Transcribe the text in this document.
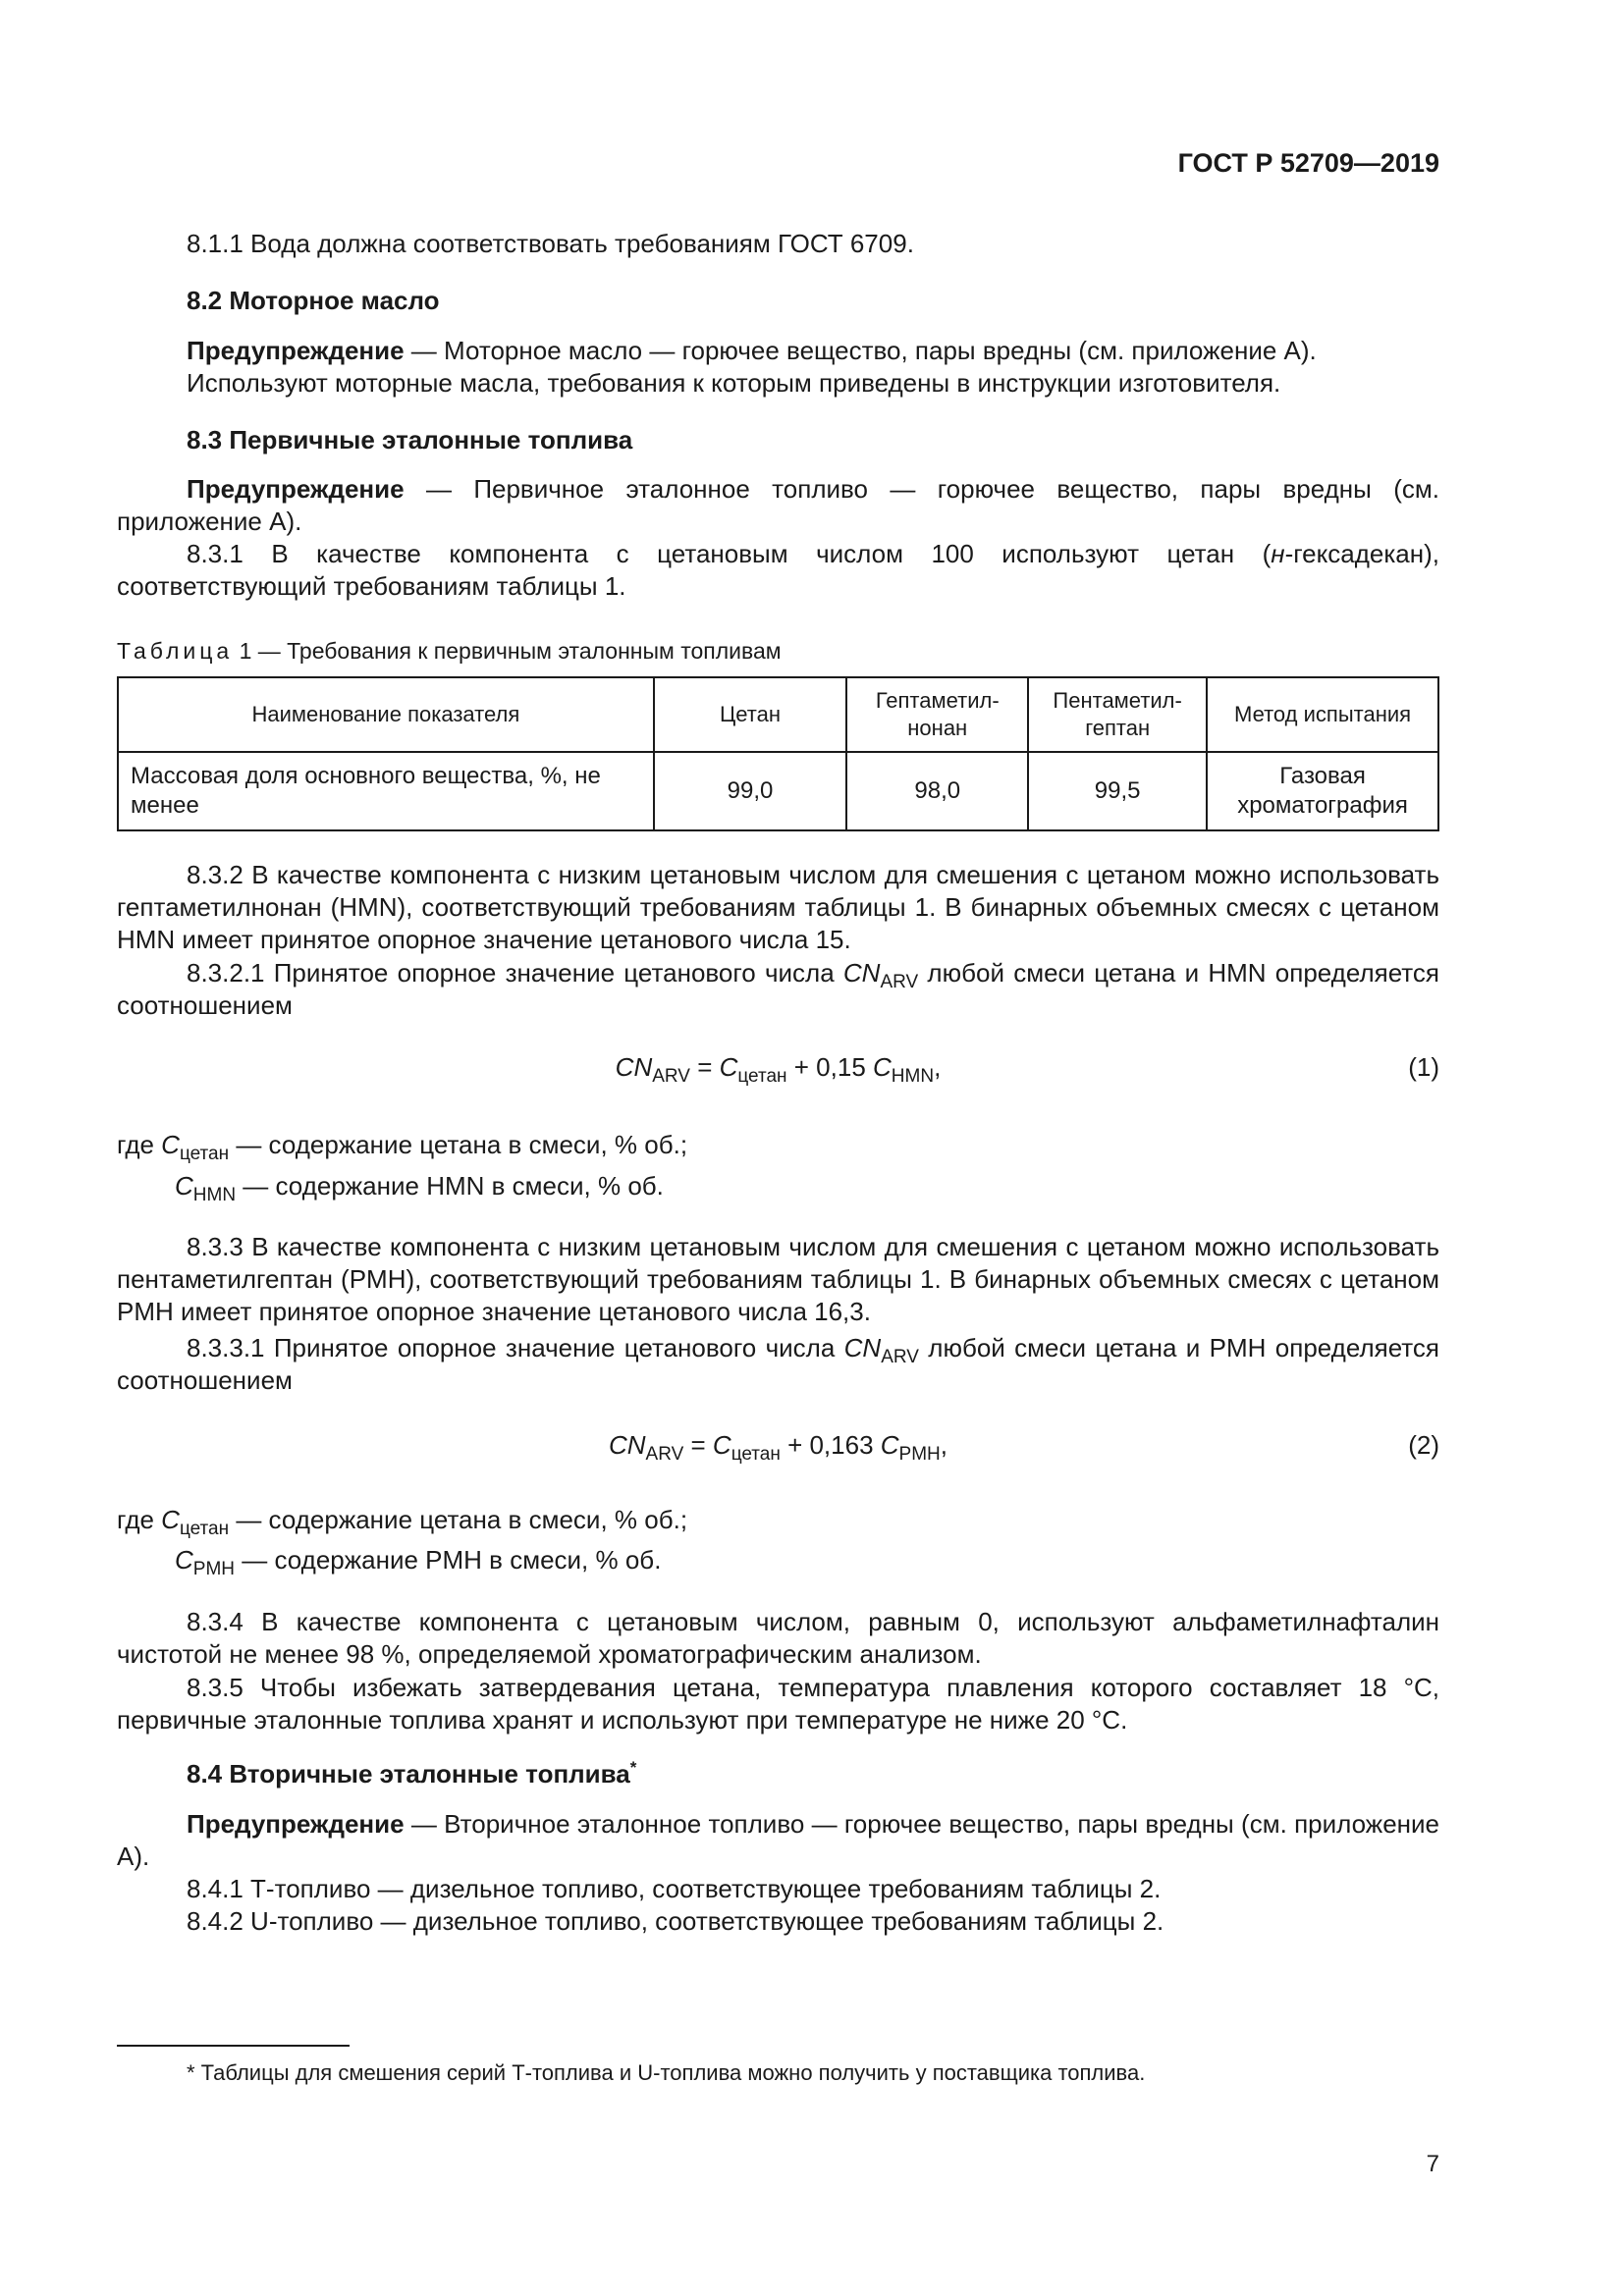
ГОСТ Р 52709—2019
8.1.1 Вода должна соответствовать требованиям ГОСТ 6709.
8.2 Моторное масло
Предупреждение — Моторное масло — горючее вещество, пары вредны (см. приложение А).
Используют моторные масла, требования к которым приведены в инструкции изготовителя.
8.3 Первичные эталонные топлива
Предупреждение — Первичное эталонное топливо — горючее вещество, пары вредны (см. приложение А).
8.3.1 В качестве компонента с цетановым числом 100 используют цетан (н-гексадекан), соответствующий требованиям таблицы 1.
Таблица 1 — Требования к первичным эталонным топливам
Наименование показателя	Цетан	Гептаметил-нонан	Пентаметил-гептан	Метод испытания
Массовая доля основного вещества, %, не менее	99,0	98,0	99,5	Газовая хроматография
8.3.2 В качестве компонента с низким цетановым числом для смешения с цетаном можно использовать гептаметилнонан (HMN), соответствующий требованиям таблицы 1. В бинарных объемных смесях с цетаном HMN имеет принятое опорное значение цетанового числа 15.
8.3.2.1 Принятое опорное значение цетанового числа $CN_{ARV}$ любой смеси цетана и HMN определяется соотношением
$CN_{ARV} = C_{цетан} + 0,15$ $C_{HMN}$,	(1)
где $C_{цетан}$ — содержание цетана в смеси, % об.;
$C_{HMN}$ — содержание HMN в смеси, % об.
8.3.3 В качестве компонента с низким цетановым числом для смешения с цетаном можно использовать пентаметилгептан (PMH), соответствующий требованиям таблицы 1. В бинарных объемных смесях с цетаном PMH имеет принятое опорное значение цетанового числа 16,3.
8.3.3.1 Принятое опорное значение цетанового числа $CN_{ARV}$ любой смеси цетана и PMH определяется соотношением
$CN_{ARV} = C_{цетан} + 0,163$ $C_{PMH}$,	(2)
где $C_{цетан}$ — содержание цетана в смеси, % об.;
$C_{PMH}$ — содержание PMH в смеси, % об.
8.3.4 В качестве компонента с цетановым числом, равным 0, используют альфаметилнафталин чистотой не менее 98 %, определяемой хроматографическим анализом.
8.3.5 Чтобы избежать затвердевания цетана, температура плавления которого составляет 18 °С, первичные эталонные топлива хранят и используют при температуре не ниже 20 °С.
8.4 Вторичные эталонные топлива*
Предупреждение — Вторичное эталонное топливо — горючее вещество, пары вредны (см. приложение А).
8.4.1 Т-топливо — дизельное топливо, соответствующее требованиям таблицы 2.
8.4.2 U-топливо — дизельное топливо, соответствующее требованиям таблицы 2.
* Таблицы для смешения серий Т-топлива и U-топлива можно получить у поставщика топлива.
7
